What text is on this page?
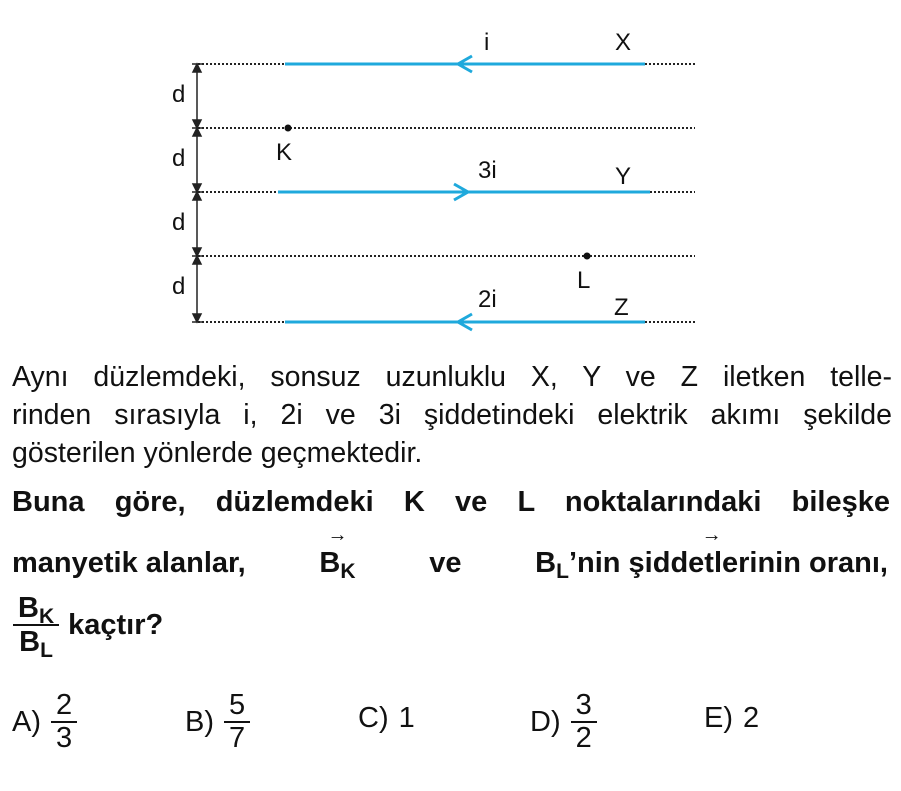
d
d
d
d
i
3i
2i
X
Y
Z
K
L

Aynı düzlemdeki, sonsuz uzunluklu X, Y ve Z iletken telle-
rinden sırasıyla i, 2i ve 3i şiddetindeki elektrik akımı şekilde
gösterilen yönlerde geçmektedir.

Buna göre, düzlemdeki K ve L noktalarındaki bileşke
manyetik alanlar,
→
$B_K$	ve
→
$B_L’nin$ şiddetlerinin oranı,
$\frac{B_K}{B_L}$ kaçtır?
$A) \frac{2}{3}$	$B) \frac{5}{7}$	C) 1	$D) \frac{3}{2}$	E) 2
